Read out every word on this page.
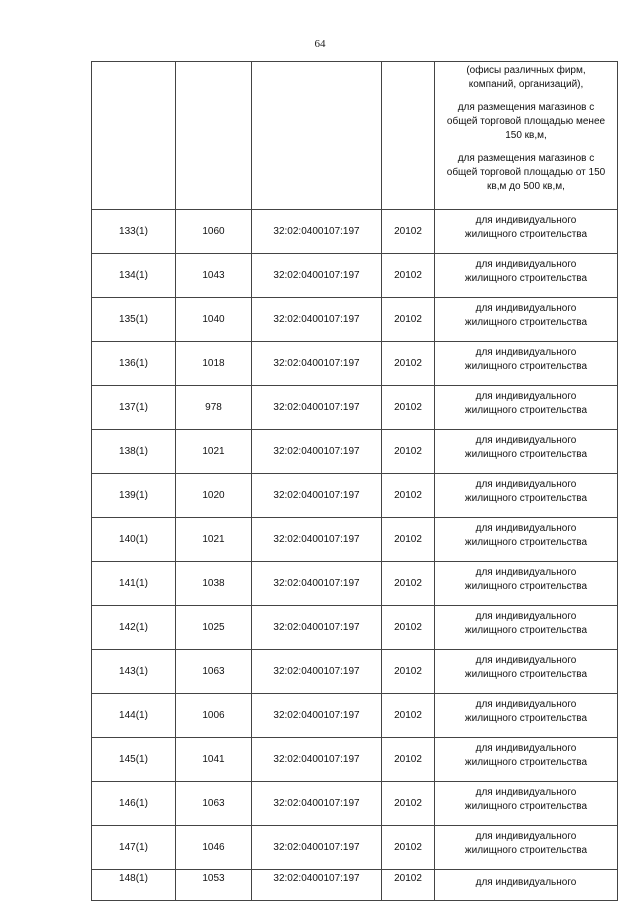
64

				(офисы различных фирм, компаний, организаций),
для размещения магазинов с общей торговой площадью менее 150 кв,м,
для размещения магазинов с общей торговой площадью от 150 кв,м до 500 кв,м,

133(1)	1060	32:02:0400107:197	20102	для индивидуального жилищного строительства

134(1)	1043	32:02:0400107:197	20102	для индивидуального жилищного строительства

135(1)	1040	32:02:0400107:197	20102	для индивидуального жилищного строительства

136(1)	1018	32:02:0400107:197	20102	для индивидуального жилищного строительства

137(1)	978	32:02:0400107:197	20102	для индивидуального жилищного строительства

138(1)	1021	32:02:0400107:197	20102	для индивидуального жилищного строительства

139(1)	1020	32:02:0400107:197	20102	для индивидуального жилищного строительства

140(1)	1021	32:02:0400107:197	20102	для индивидуального жилищного строительства

141(1)	1038	32:02:0400107:197	20102	для индивидуального жилищного строительства

142(1)	1025	32:02:0400107:197	20102	для индивидуального жилищного строительства

143(1)	1063	32:02:0400107:197	20102	для индивидуального жилищного строительства

144(1)	1006	32:02:0400107:197	20102	для индивидуального жилищного строительства

145(1)	1041	32:02:0400107:197	20102	для индивидуального жилищного строительства

146(1)	1063	32:02:0400107:197	20102	для индивидуального жилищного строительства

147(1)	1046	32:02:0400107:197	20102	для индивидуального жилищного строительства

148(1)	1053	32:02:0400107:197	20102	для индивидуального
